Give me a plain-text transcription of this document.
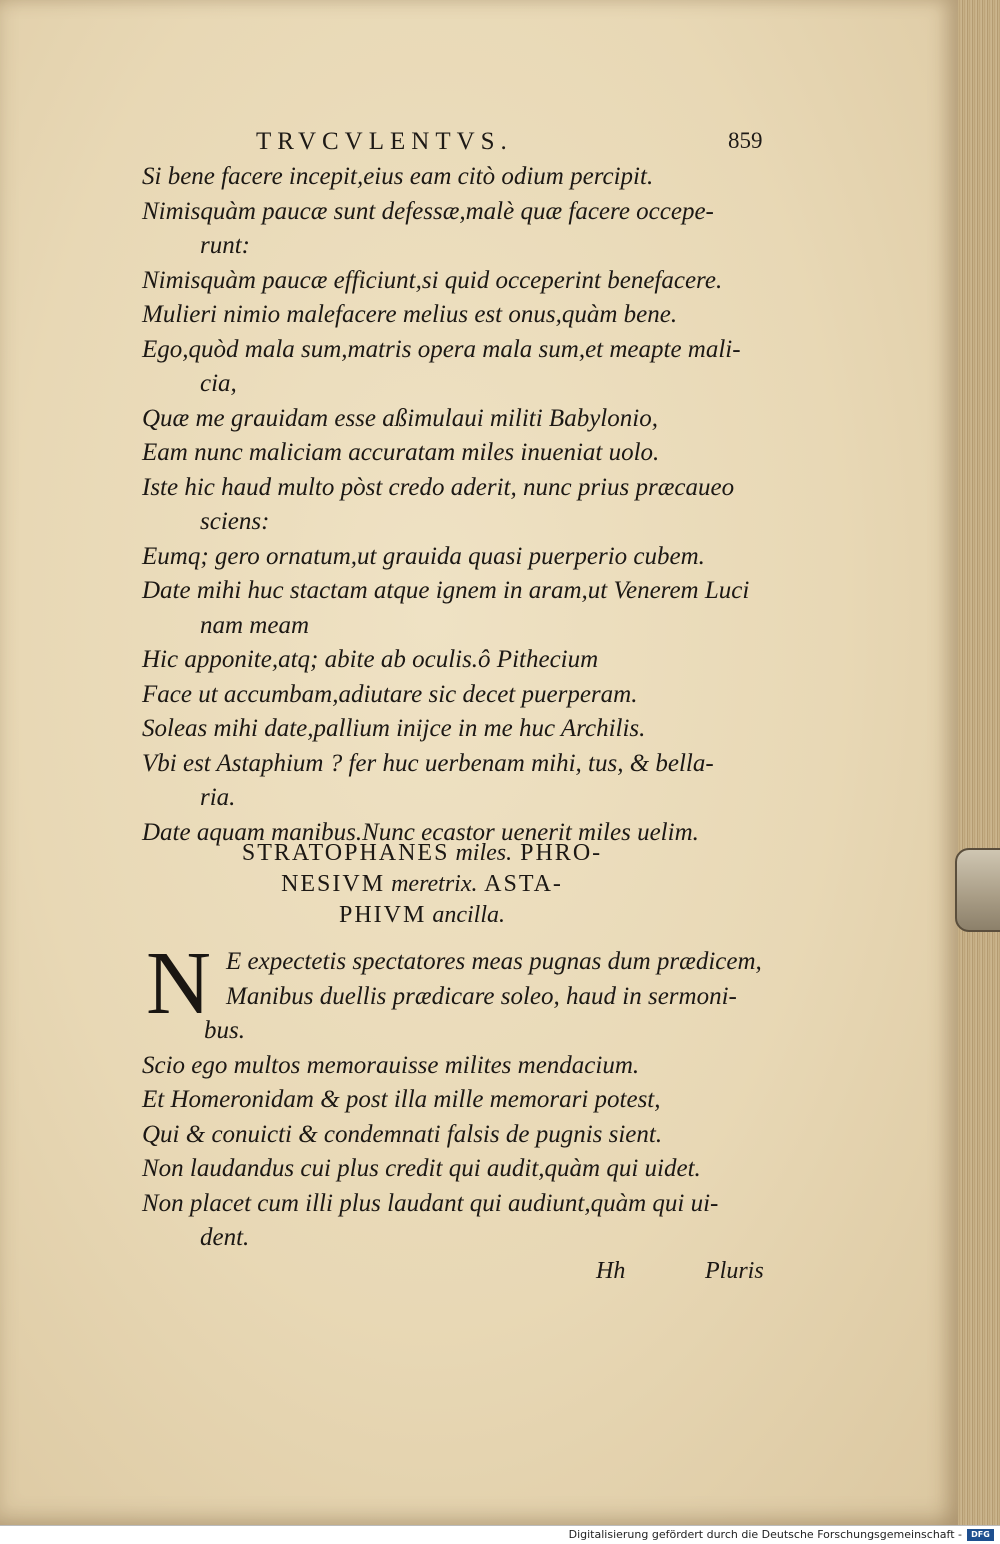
TRVCVLENTVS.	859
Si bene facere incepit,eius eam citò odium percipit.
Nimisquàm paucæ sunt defessæ,malè quæ facere occepe-
runt:
Nimisquàm paucæ efficiunt,si quid occeperint benefacere.
Mulieri nimio malefacere melius est onus,quàm bene.
Ego,quòd mala sum,matris opera mala sum,et meapte mali-
cia,
Quæ me grauidam esse aßimulaui militi Babylonio,
Eam nunc maliciam accuratam miles inueniat uolo.
Iste hic haud multo pòst credo aderit, nunc prius præcaueo
sciens:
Eumq; gero ornatum,ut grauida quasi puerperio cubem.
Date mihi huc stactam atque ignem in aram,ut Venerem Luci
nam meam
Hic apponite,atq; abite ab oculis.ô Pithecium
Face ut accumbam,adiutare sic decet puerperam.
Soleas mihi date,pallium inijce in me huc Archilis.
Vbi est Astaphium ? fer huc uerbenam mihi, tus, & bella-
ria.
Date aquam manibus.Nunc ecastor uenerit miles uelim.
STRATOPHANES miles. PHRO-
NESIVM meretrix. ASTA-
PHIVM ancilla.
N E expectetis spectatores meas pugnas dum prædicem,
Manibus duellis prædicare soleo, haud in sermoni-
bus.
Scio ego multos memorauisse milites mendacium.
Et Homeronidam & post illa mille memorari potest,
Qui & conuicti & condemnati falsis de pugnis sient.
Non laudandus cui plus credit qui audit,quàm qui uidet.
Non placet cum illi plus laudant qui audiunt,quàm qui ui-
dent.
Hh	Pluris
Digitalisierung gefördert durch die Deutsche Forschungsgemeinschaft -	DFG
